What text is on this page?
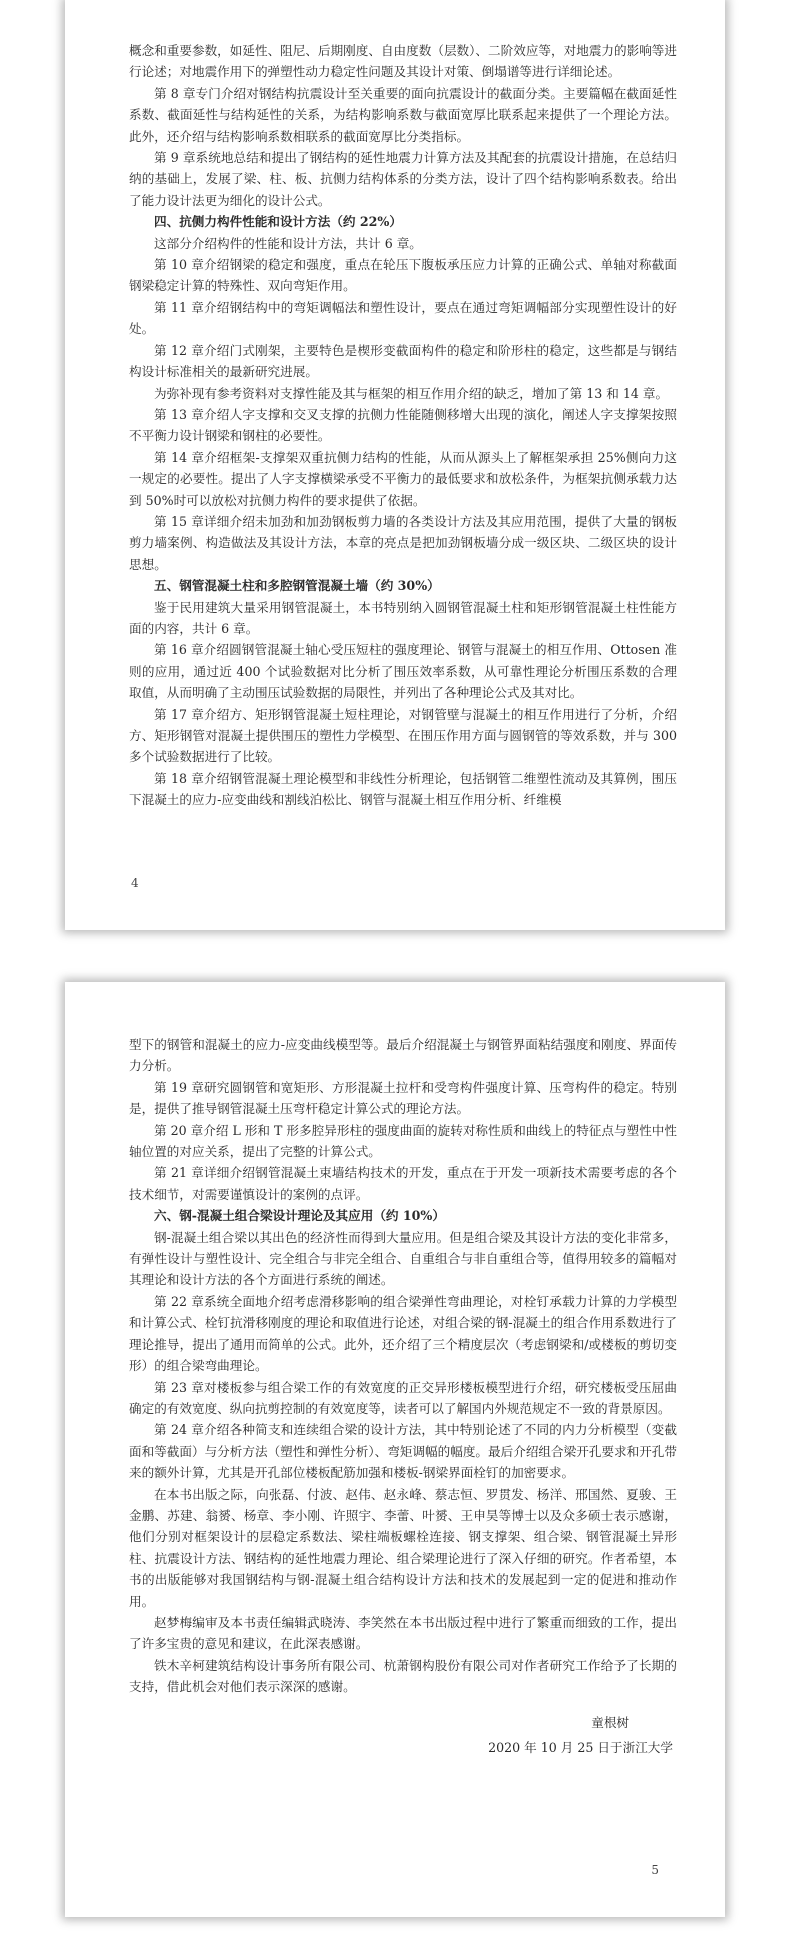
概念和重要参数，如延性、阻尼、后期刚度、自由度数（层数）、二阶效应等，对地震力的影响等进行论述；对地震作用下的弹塑性动力稳定性问题及其设计对策、倒塌谱等进行详细论述。

第 8 章专门介绍对钢结构抗震设计至关重要的面向抗震设计的截面分类。主要篇幅在截面延性系数、截面延性与结构延性的关系，为结构影响系数与截面宽厚比联系起来提供了一个理论方法。此外，还介绍与结构影响系数相联系的截面宽厚比分类指标。

第 9 章系统地总结和提出了钢结构的延性地震力计算方法及其配套的抗震设计措施，在总结归纳的基础上，发展了梁、柱、板、抗侧力结构体系的分类方法，设计了四个结构影响系数表。给出了能力设计法更为细化的设计公式。

四、抗侧力构件性能和设计方法（约 22%）

这部分介绍构件的性能和设计方法，共计 6 章。

第 10 章介绍钢梁的稳定和强度，重点在轮压下腹板承压应力计算的正确公式、单轴对称截面钢梁稳定计算的特殊性、双向弯矩作用。

第 11 章介绍钢结构中的弯矩调幅法和塑性设计，要点在通过弯矩调幅部分实现塑性设计的好处。

第 12 章介绍门式刚架，主要特色是楔形变截面构件的稳定和阶形柱的稳定，这些都是与钢结构设计标准相关的最新研究进展。

为弥补现有参考资料对支撑性能及其与框架的相互作用介绍的缺乏，增加了第 13 和 14 章。

第 13 章介绍人字支撑和交叉支撑的抗侧力性能随侧移增大出现的演化，阐述人字支撑架按照不平衡力设计钢梁和钢柱的必要性。

第 14 章介绍框架-支撑架双重抗侧力结构的性能，从而从源头上了解框架承担 25%侧向力这一规定的必要性。提出了人字支撑横梁承受不平衡力的最低要求和放松条件，为框架抗侧承载力达到 50%时可以放松对抗侧力构件的要求提供了依据。

第 15 章详细介绍未加劲和加劲钢板剪力墙的各类设计方法及其应用范围，提供了大量的钢板剪力墙案例、构造做法及其设计方法，本章的亮点是把加劲钢板墙分成一级区块、二级区块的设计思想。

五、钢管混凝土柱和多腔钢管混凝土墙（约 30%）

鉴于民用建筑大量采用钢管混凝土，本书特别纳入圆钢管混凝土柱和矩形钢管混凝土柱性能方面的内容，共计 6 章。

第 16 章介绍圆钢管混凝土轴心受压短柱的强度理论、钢管与混凝土的相互作用、Ottosen 准则的应用，通过近 400 个试验数据对比分析了围压效率系数，从可靠性理论分析围压系数的合理取值，从而明确了主动围压试验数据的局限性，并列出了各种理论公式及其对比。

第 17 章介绍方、矩形钢管混凝土短柱理论，对钢管壁与混凝土的相互作用进行了分析，介绍方、矩形钢管对混凝土提供围压的塑性力学模型、在围压作用方面与圆钢管的等效系数，并与 300 多个试验数据进行了比较。

第 18 章介绍钢管混凝土理论模型和非线性分析理论，包括钢管二维塑性流动及其算例，围压下混凝土的应力-应变曲线和割线泊松比、钢管与混凝土相互作用分析、纤维模

4

型下的钢管和混凝土的应力-应变曲线模型等。最后介绍混凝土与钢管界面粘结强度和刚度、界面传力分析。

第 19 章研究圆钢管和宽矩形、方形混凝土拉杆和受弯构件强度计算、压弯构件的稳定。特别是，提供了推导钢管混凝土压弯杆稳定计算公式的理论方法。

第 20 章介绍 L 形和 T 形多腔异形柱的强度曲面的旋转对称性质和曲线上的特征点与塑性中性轴位置的对应关系，提出了完整的计算公式。

第 21 章详细介绍钢管混凝土束墙结构技术的开发，重点在于开发一项新技术需要考虑的各个技术细节，对需要谨慎设计的案例的点评。

六、钢-混凝土组合梁设计理论及其应用（约 10%）

钢-混凝土组合梁以其出色的经济性而得到大量应用。但是组合梁及其设计方法的变化非常多，有弹性设计与塑性设计、完全组合与非完全组合、自重组合与非自重组合等，值得用较多的篇幅对其理论和设计方法的各个方面进行系统的阐述。

第 22 章系统全面地介绍考虑滑移影响的组合梁弹性弯曲理论，对栓钉承载力计算的力学模型和计算公式、栓钉抗滑移刚度的理论和取值进行论述，对组合梁的钢-混凝土的组合作用系数进行了理论推导，提出了通用而简单的公式。此外，还介绍了三个精度层次（考虑钢梁和/或楼板的剪切变形）的组合梁弯曲理论。

第 23 章对楼板参与组合梁工作的有效宽度的正交异形楼板模型进行介绍，研究楼板受压屈曲确定的有效宽度、纵向抗剪控制的有效宽度等，读者可以了解国内外规范规定不一致的背景原因。

第 24 章介绍各种简支和连续组合梁的设计方法，其中特别论述了不同的内力分析模型（变截面和等截面）与分析方法（塑性和弹性分析）、弯矩调幅的幅度。最后介绍组合梁开孔要求和开孔带来的额外计算，尤其是开孔部位楼板配筋加强和楼板-钢梁界面栓钉的加密要求。

在本书出版之际，向张磊、付波、赵伟、赵永峰、蔡志恒、罗贯发、杨洋、邢国然、夏骏、王金鹏、苏建、翁赟、杨章、李小刚、许照宇、李蕾、叶赟、王申昊等博士以及众多硕士表示感谢，他们分别对框架设计的层稳定系数法、梁柱端板螺栓连接、钢支撑架、组合梁、钢管混凝土异形柱、抗震设计方法、钢结构的延性地震力理论、组合梁理论进行了深入仔细的研究。作者希望，本书的出版能够对我国钢结构与钢-混凝土组合结构设计方法和技术的发展起到一定的促进和推动作用。

赵梦梅编审及本书责任编辑武晓涛、李笑然在本书出版过程中进行了繁重而细致的工作，提出了许多宝贵的意见和建议，在此深表感谢。

铁木辛柯建筑结构设计事务所有限公司、杭萧钢构股份有限公司对作者研究工作给予了长期的支持，借此机会对他们表示深深的感谢。

童根树

2020 年 10 月 25 日于浙江大学

5
